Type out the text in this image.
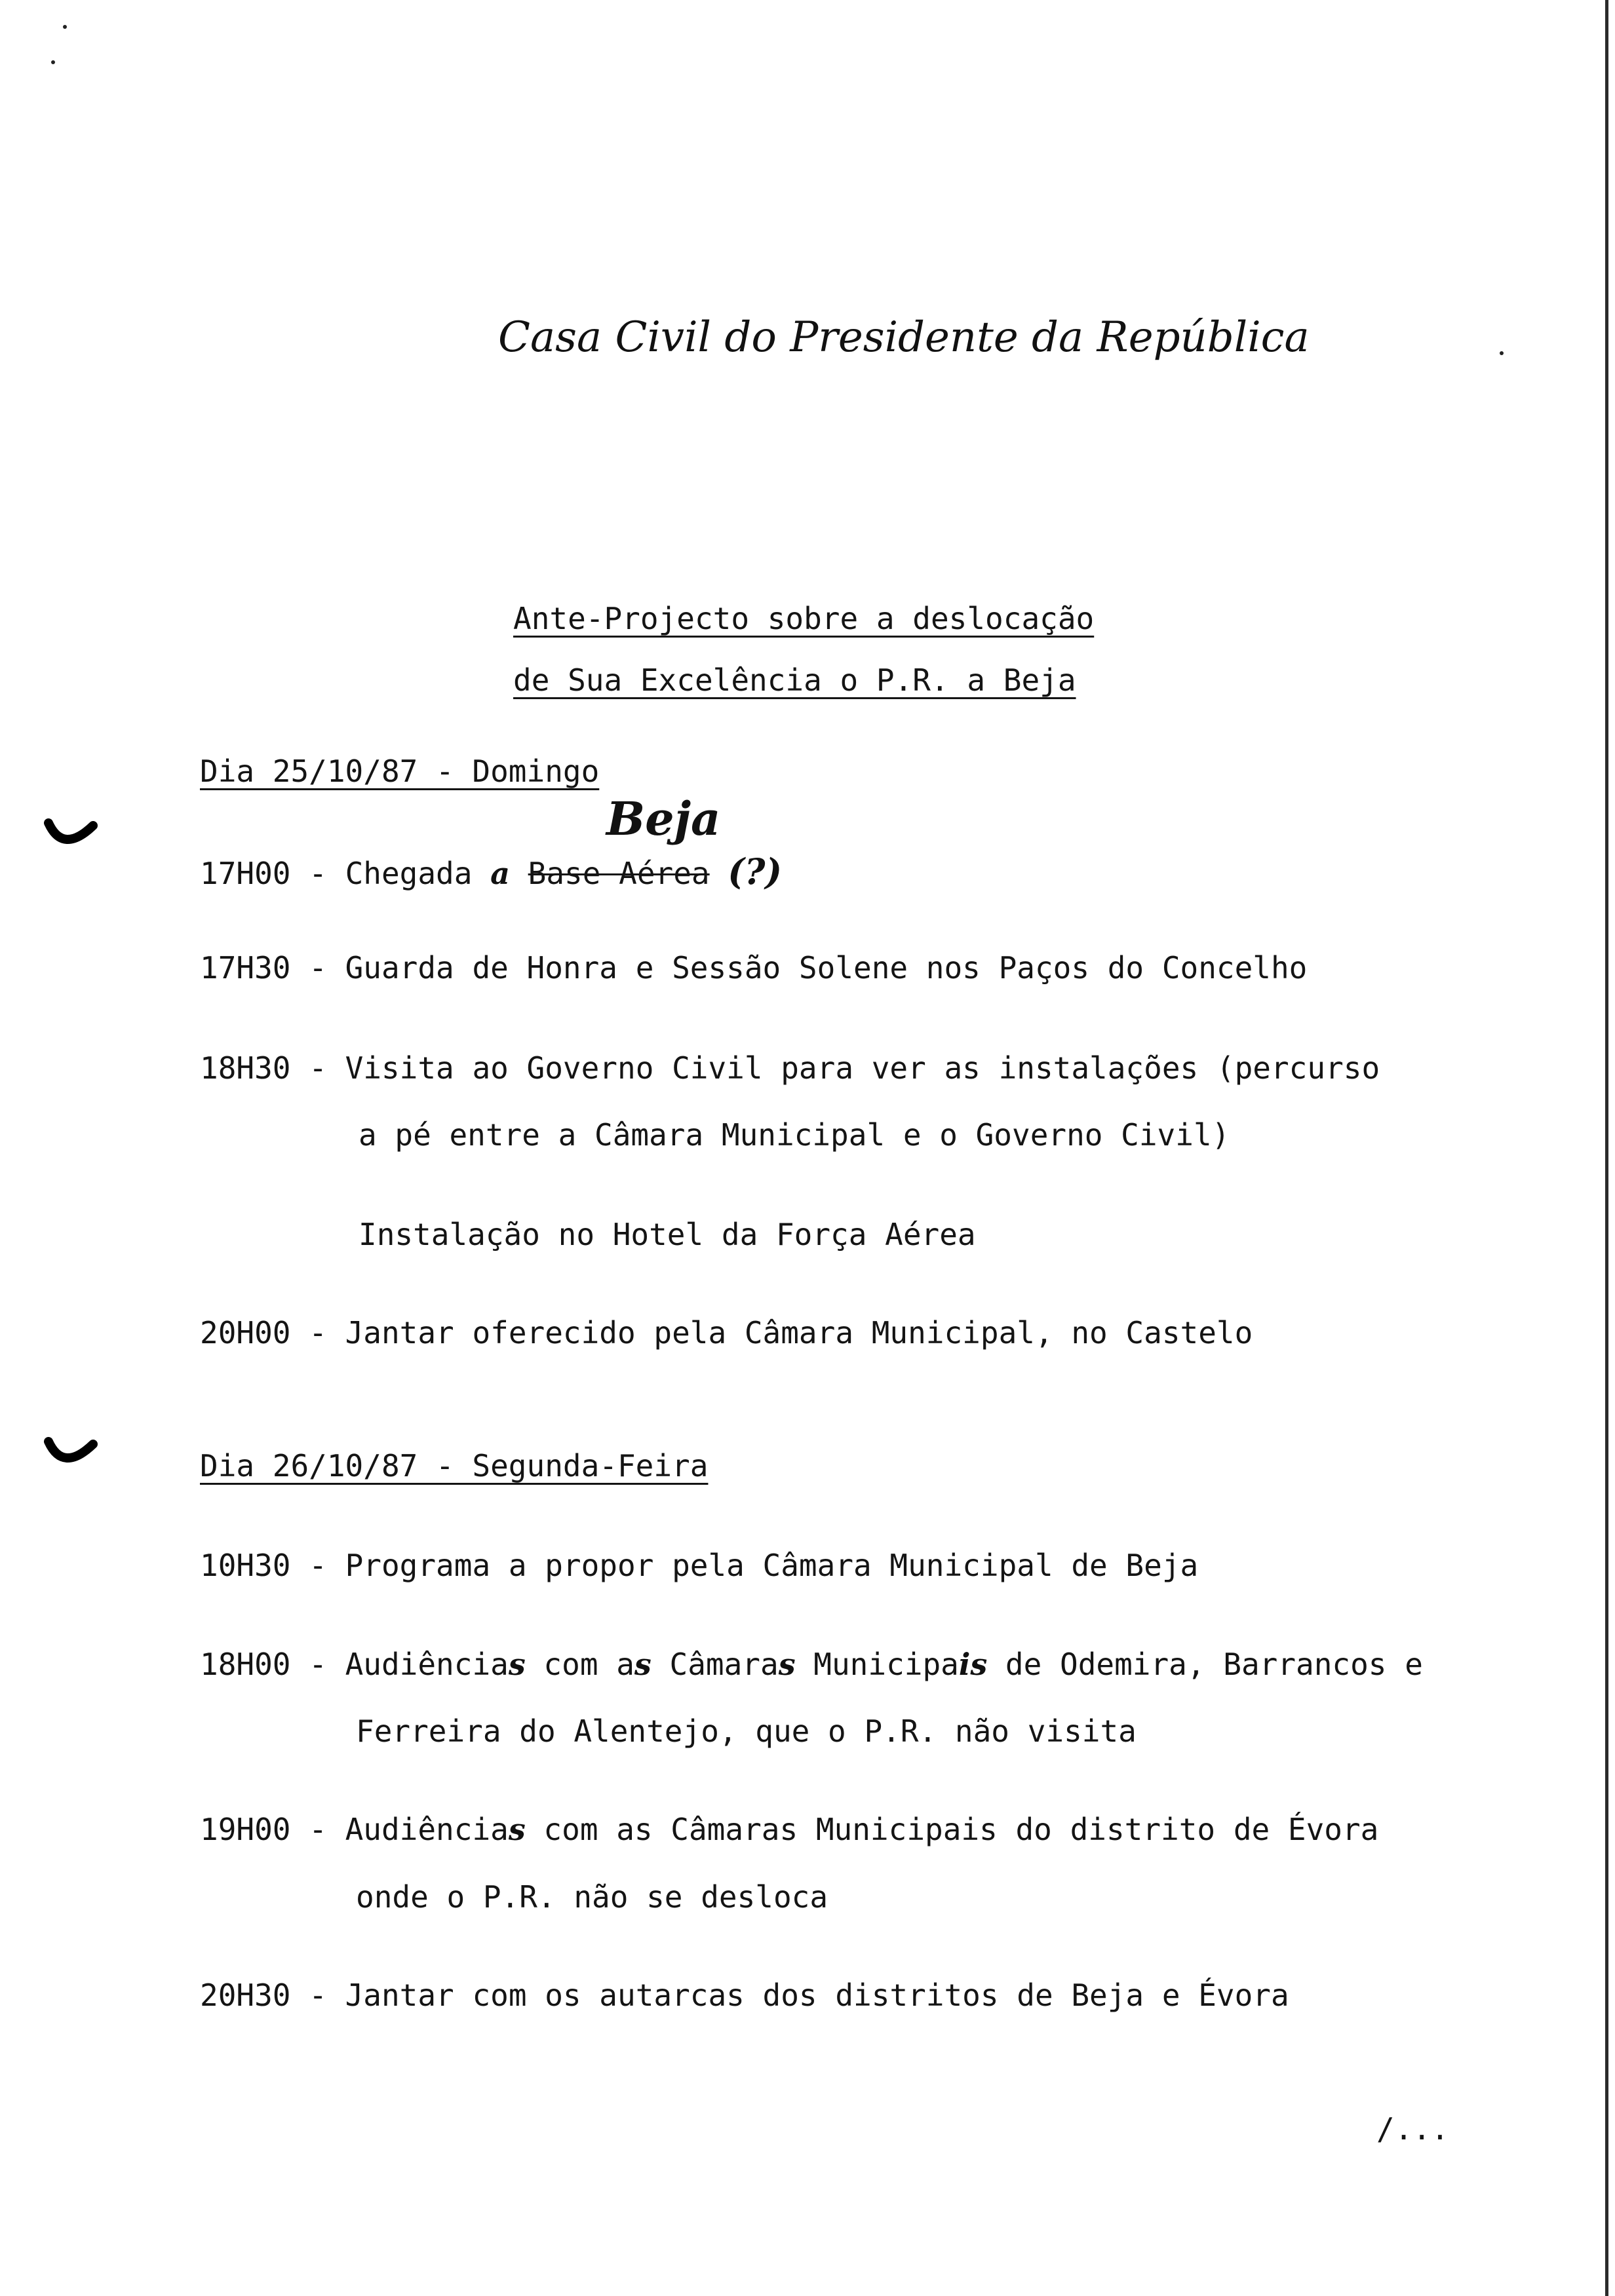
Casa Civil do Presidente da República
Ante-Projecto sobre a deslocação
de Sua Excelência o P.R. a Beja
Dia 25/10/87 - Domingo
17H00 - Chegada a Base Aérea (?)
Beja
17H30 - Guarda de Honra e Sessão Solene nos Paços do Concelho
18H30 - Visita ao Governo Civil para ver as instalações (percurso
a pé entre a Câmara Municipal e o Governo Civil)
Instalação no Hotel da Força Aérea
20H00 - Jantar oferecido pela Câmara Municipal, no Castelo
Dia 26/10/87 - Segunda-Feira
10H30 - Programa a propor pela Câmara Municipal de Beja
18H00 - Audiências com as Câmaras Municipais de Odemira, Barrancos e
Ferreira do Alentejo, que o P.R. não visita
19H00 - Audiências com as Câmaras Municipais do distrito de Évora
onde o P.R. não se desloca
20H30 - Jantar com os autarcas dos distritos de Beja e Évora
/...
